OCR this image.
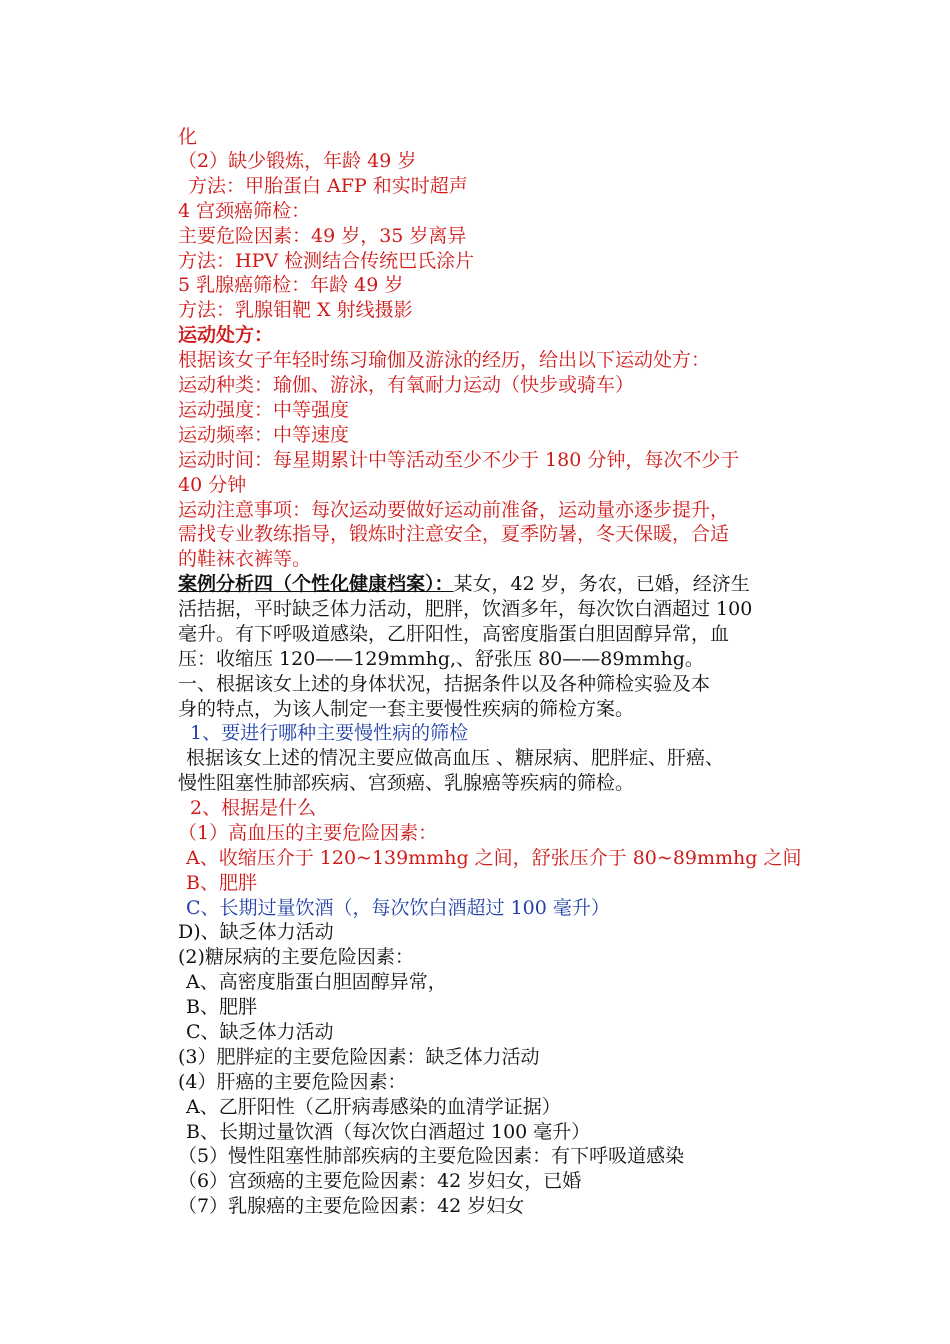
化
（2）缺少锻炼，年龄 49 岁
方法：甲胎蛋白 AFP 和实时超声
4 宫颈癌筛检：
主要危险因素：49 岁，35 岁离异
方法：HPV 检测结合传统巴氏涂片
5 乳腺癌筛检：年龄 49 岁
方法：乳腺钼靶 X 射线摄影
运动处方：
根据该女子年轻时练习瑜伽及游泳的经历，给出以下运动处方：
运动种类：瑜伽、游泳，有氧耐力运动（快步或骑车）
运动强度：中等强度
运动频率：中等速度
运动时间：每星期累计中等活动至少不少于 180 分钟，每次不少于
40 分钟
运动注意事项：每次运动要做好运动前准备，运动量亦逐步提升，
需找专业教练指导，锻炼时注意安全，夏季防暑，冬天保暖，合适
的鞋袜衣裤等。
案例分析四（个性化健康档案）：某女，42 岁，务农，已婚，经济生
活拮据，平时缺乏体力活动，肥胖，饮酒多年，每次饮白酒超过 100
毫升。有下呼吸道感染，乙肝阳性，高密度脂蛋白胆固醇异常，血
压：收缩压 120——129mmhg,、舒张压 80——89mmhg。
一、根据该女上述的身体状况，拮据条件以及各种筛检实验及本
身的特点，为该人制定一套主要慢性疾病的筛检方案。
1、要进行哪种主要慢性病的筛检
根据该女上述的情况主要应做高血压 、糖尿病、肥胖症、肝癌、
慢性阻塞性肺部疾病、宫颈癌、乳腺癌等疾病的筛检。
2、根据是什么
（1）高血压的主要危险因素：
A、收缩压介于 120~139mmhg 之间，舒张压介于 80~89mmhg 之间
B、肥胖
C、长期过量饮酒（，每次饮白酒超过 100 毫升）
D)、缺乏体力活动
(2)糖尿病的主要危险因素：
A、高密度脂蛋白胆固醇异常，
B、肥胖
C、缺乏体力活动
(3）肥胖症的主要危险因素：缺乏体力活动
(4）肝癌的主要危险因素：
A、乙肝阳性（乙肝病毒感染的血清学证据）
B、长期过量饮酒（每次饮白酒超过 100 毫升）
（5）慢性阻塞性肺部疾病的主要危险因素：有下呼吸道感染
（6）宫颈癌的主要危险因素：42 岁妇女，已婚
（7）乳腺癌的主要危险因素：42 岁妇女
